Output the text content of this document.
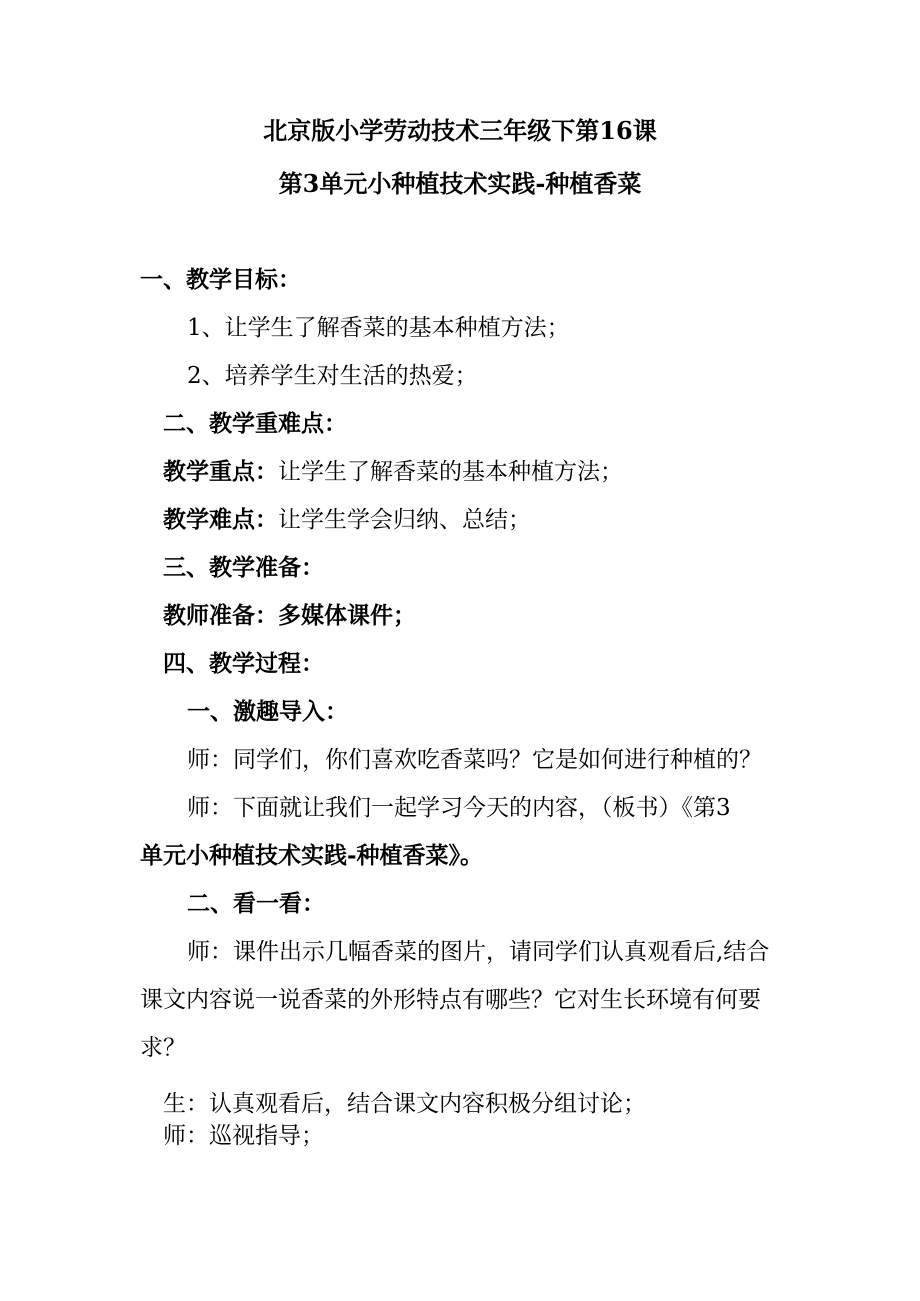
北京版小学劳动技术三年级下第16课
第3单元小种植技术实践-种植香菜
一、教学目标：
1、让学生了解香菜的基本种植方法；
2、培养学生对生活的热爱；
二、教学重难点：
教学重点：让学生了解香菜的基本种植方法；
教学难点：让学生学会归纳、总结；
三、教学准备：
教师准备：多媒体课件；
四、教学过程：
一、激趣导入：
师：同学们，你们喜欢吃香菜吗？它是如何进行种植的？
师：下面就让我们一起学习今天的内容，（板书）《第3
单元小种植技术实践-种植香菜》。
二、看一看：
师：课件出示几幅香菜的图片，请同学们认真观看后,结合
课文内容说一说香菜的外形特点有哪些？它对生长环境有何要
求？
生：认真观看后，结合课文内容积极分组讨论；
师：巡视指导；
